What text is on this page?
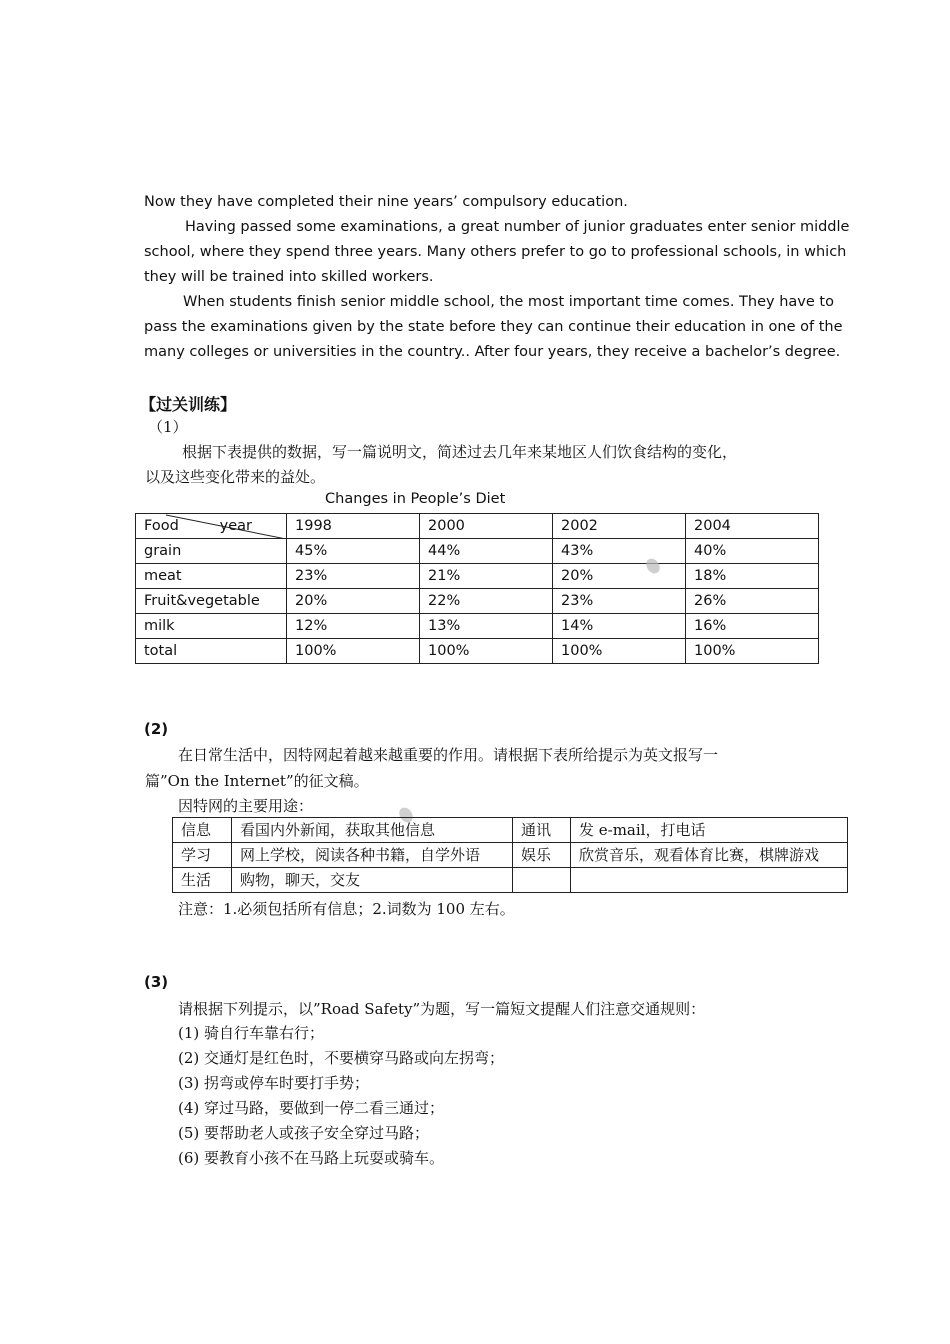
Now they have completed their nine years’ compulsory education.
Having passed some examinations, a great number of junior graduates enter senior middle
school, where they spend three years. Many others prefer to go to professional schools, in which
they will be trained into skilled workers.
When students finish senior middle school, the most important time comes. They have to
pass the examinations given by the state before they can continue their education in one of the
many colleges or universities in the country.. After four years, they receive a bachelor’s degree.
【过关训练】
（1）
根据下表提供的数据，写一篇说明文，简述过去几年来某地区人们饮食结构的变化，
以及这些变化带来的益处。
Changes in People’s Diet
Food year	1998	2000	2002	2004
grain	45%	44%	43%	40%
meat	23%	21%	20%	18%
Fruit&vegetable	20%	22%	23%	26%
milk	12%	13%	14%	16%
total	100%	100%	100%	100%
(2)
在日常生活中，因特网起着越来越重要的作用。请根据下表所给提示为英文报写一
篇”On the Internet”的征文稿。
因特网的主要用途：
信息	看国内外新闻，获取其他信息	通讯	发 e-mail，打电话
学习	网上学校，阅读各种书籍，自学外语	娱乐	欣赏音乐，观看体育比赛，棋牌游戏
生活	购物，聊天，交友		
注意：1.必须包括所有信息；2.词数为 100 左右。
(3)
请根据下列提示，以”Road Safety”为题，写一篇短文提醒人们注意交通规则：
(1) 骑自行车靠右行；
(2) 交通灯是红色时，不要横穿马路或向左拐弯；
(3) 拐弯或停车时要打手势；
(4) 穿过马路，要做到一停二看三通过；
(5) 要帮助老人或孩子安全穿过马路；
(6) 要教育小孩不在马路上玩耍或骑车。
